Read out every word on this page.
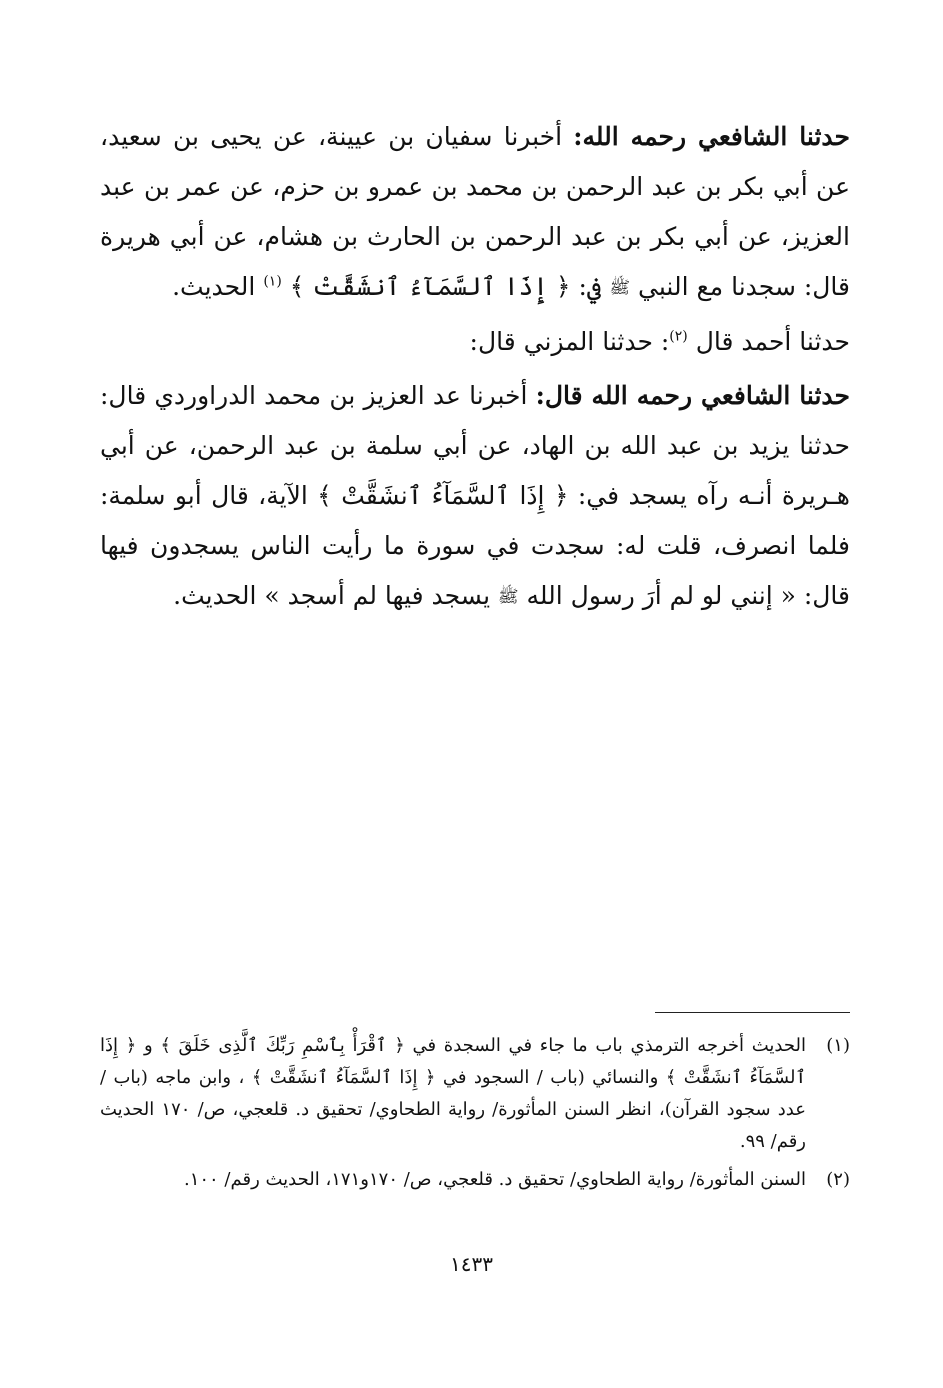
حدثنا الشافعي رحمه الله: أخبرنا سفيان بن عيينة، عن يحيى بن سعيد، عن أبي بكر بن عبد الرحمن بن محمد بن عمرو بن حزم، عن عمر بن عبد العزيز، عن أبي بكر بن عبد الرحمن بن الحارث بن هشام، عن أبي هريرة قال: سجدنا مع النبي ﷺ في: ﴿ إِذَا ٱلسَّمَآءُ ٱنشَقَّتْ ﴾ $^{(١)}$ الحديث.

حدثنا أحمد قال $^{(٢)}$: حدثنا المزني قال:

حدثنا الشافعي رحمه الله قال: أخبرنا عد العزيز بن محمد الدراوردي قال: حدثنا يزيد بن عبد الله بن الهاد، عن أبي سلمة بن عبد الرحمن، عن أبي هـريرة أنـه رآه يسجد في: ﴿ إِذَا ٱلسَّمَآءُ ٱنشَقَّتْ ﴾ الآية، قال أبو سلمة: فلما انصرف، قلت له: سجدت في سورة ما رأيت الناس يسجدون فيها قال: « إنني لو لم أرَ رسول الله ﷺ يسجد فيها لم أسجد » الحديث.

(١)
الحديث أخرجه الترمذي باب ما جاء في السجدة في ﴿ ٱقْرَأْ بِٱسْمِ رَبِّكَ ٱلَّذِى خَلَقَ ﴾ و ﴿ إِذَا ٱلسَّمَآءُ ٱنشَقَّتْ ﴾ والنسائي (باب / السجود في ﴿ إِذَا ٱلسَّمَآءُ ٱنشَقَّتْ ﴾ ، وابن ماجه (باب / عدد سجود القرآن)، انظر السنن المأثورة/ رواية الطحاوي/ تحقيق د. قلعجي، ص/ ١٧٠ الحديث رقم/ ٩٩.
(٢)
السنن المأثورة/ رواية الطحاوي/ تحقيق د. قلعجي، ص/ ١٧٠و١٧١، الحديث رقم/ ١٠٠.
١٤٣٣
